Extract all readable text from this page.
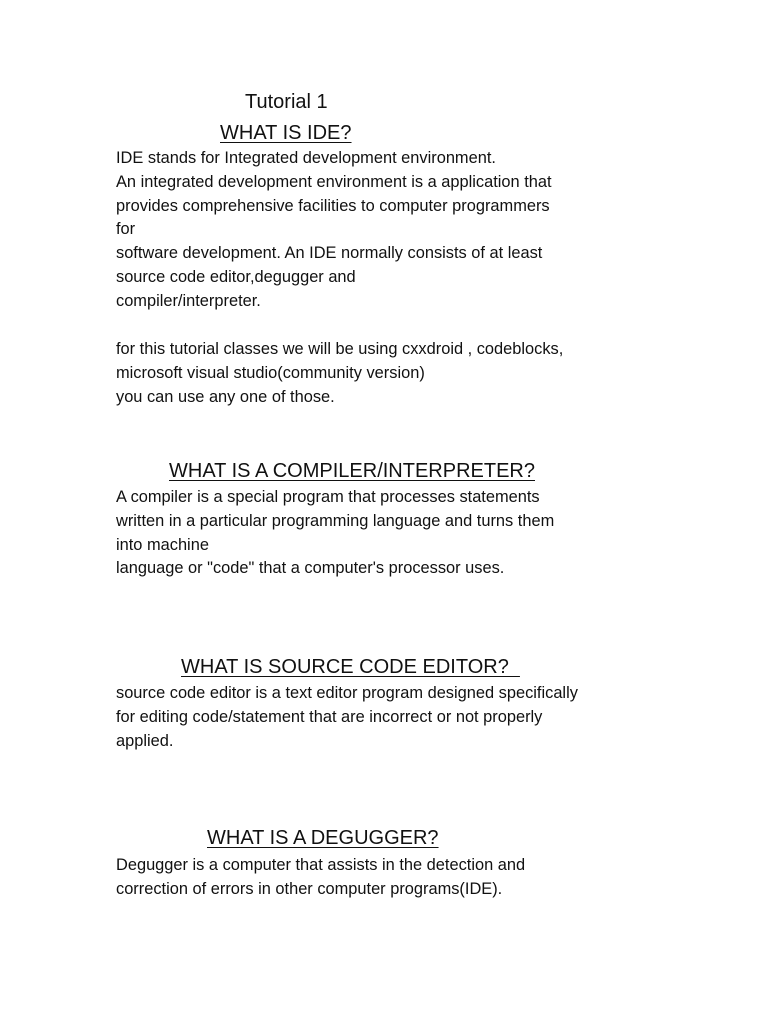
Tutorial 1
WHAT IS IDE?
IDE stands for Integrated development environment.
An integrated development environment is a application that
provides comprehensive facilities to computer programmers
for
software development. An IDE normally consists of at least
source code editor,degugger and
compiler/interpreter.
for this tutorial classes we will be using cxxdroid , codeblocks,
microsoft visual studio(community version)
you can use any one of those.
WHAT IS A COMPILER/INTERPRETER?
A compiler is a special program that processes statements
written in a particular programming language and turns them
into machine
language or "code" that a computer's processor uses.
WHAT IS SOURCE CODE EDITOR?
source code editor is a text editor program designed specifically
for editing code/statement that are incorrect or not properly
applied.
WHAT IS A DEGUGGER?
Degugger is a computer that assists in the detection and
correction of errors in other computer programs(IDE).
